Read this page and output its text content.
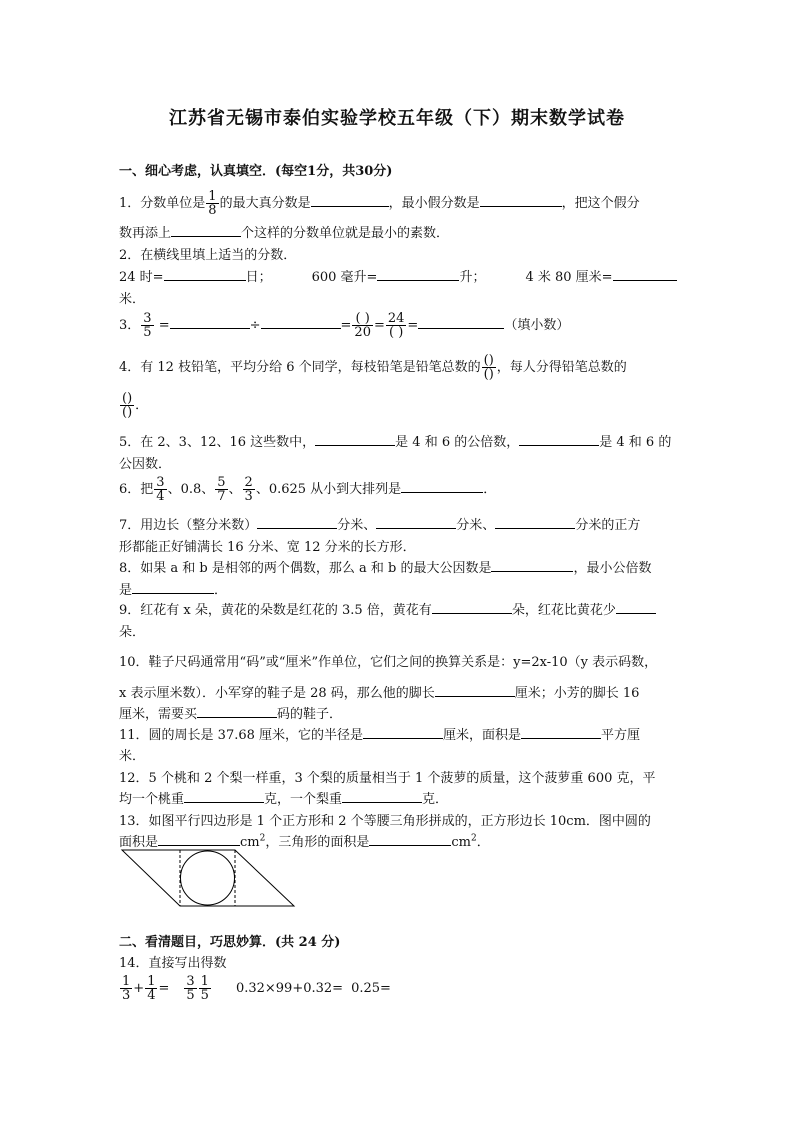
江苏省无锡市泰伯实验学校五年级（下）期末数学试卷
一、细心考虑，认真填空．(每空1分，共30分)
1．分数单位是 $\frac{1}{8}$ 的最大真分数是	，最小假分数是	，把这个假分
数再添上	个这样的分数单位就是最小的素数．
2．在横线里填上适当的分数．
24 时=	日；	600 毫升=	升；	4 米 80 厘米=
米．
3． $\frac{3}{5}$ =	÷	= $\frac{( )}{20} = \frac{24}{( )}$ =	（填小数）
4．有 12 枝铅笔，平均分给 6 个同学，每枝铅笔是铅笔总数的 $\frac{()}{()}$ ，每人分得铅笔总数的
$\frac{()}{()}$ ．
5．在 2、3、12、16 这些数中，	是 4 和 6 的公倍数，	是 4 和 6 的
公因数．
6．把 $\frac{3}{4}$ 、0.8、 $\frac{5}{7}$ 、 $\frac{2}{3}$ 、0.625 从小到大排列是	．
7．用边长（整分米数）	分米、	分米、	分米的正方
形都能正好铺满长 16 分米、宽 12 分米的长方形．
8．如果 a 和 b 是相邻的两个偶数，那么 a 和 b 的最大公因数是	，最小公倍数
是	．
9．红花有 x 朵，黄花的朵数是红花的 3.5 倍，黄花有	朵，红花比黄花少
朵．
10．鞋子尺码通常用“码”或“厘米”作单位，它们之间的换算关系是：y=2x-10（y 表示码数，
x 表示厘米数）．小军穿的鞋子是 28 码，那么他的脚长	厘米；小芳的脚长 16
厘米，需要买	码的鞋子．
11．圆的周长是 37.68 厘米，它的半径是	厘米，面积是	平方厘
米．
12．5 个桃和 2 个梨一样重，3 个梨的质量相当于 1 个菠萝的质量，这个菠萝重 600 克，平
均一个桃重	克，一个梨重	克．
13．如图平行四边形是 1 个正方形和 2 个等腰三角形拼成的，正方形边长 10cm．图中圆的
面积是	$cm^2$，三角形的面积是	$cm^2$．
二、看清题目，巧思妙算．(共 24 分)
14．直接写出得数
$\frac{1}{3} + \frac{1}{4} = \frac{3}{5} \frac{1}{5} 0.32\times 99+0.32= 0.25=$
